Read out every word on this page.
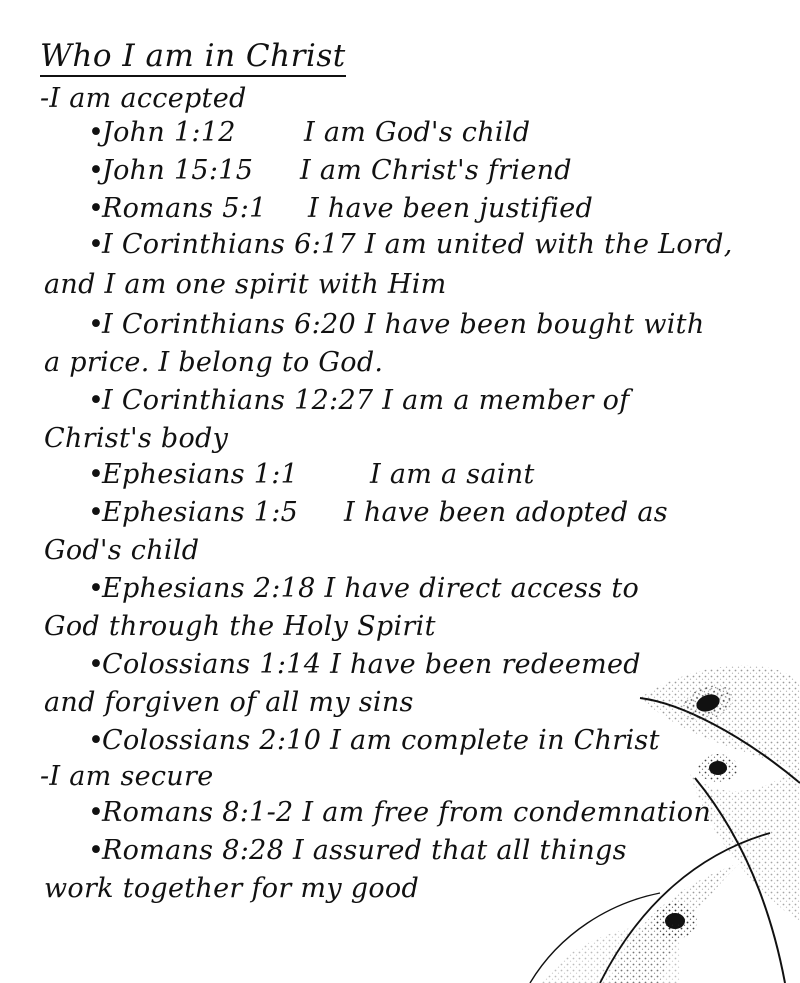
Who I am in Christ
-I am accepted
•John 1:12	I am God's child
•John 15:15 I am Christ's friend
•Romans 5:1 I have been justified
•I Corinthians 6:17 I am united with the Lord,
and I am one spirit with Him
•I Corinthians 6:20 I have been bought with
a price. I belong to God.
•I Corinthians 12:27 I am a member of
Christ's body
•Ephesians 1:1	I am a saint
•Ephesians 1:5 I have been adopted as
God's child
•Ephesians 2:18 I have direct access to
God through the Holy Spirit
•Colossians 1:14 I have been redeemed
and forgiven of all my sins
•Colossians 2:10 I am complete in Christ
-I am secure
•Romans 8:1-2 I am free from condemnation
•Romans 8:28 I assured that all things
work together for my good
